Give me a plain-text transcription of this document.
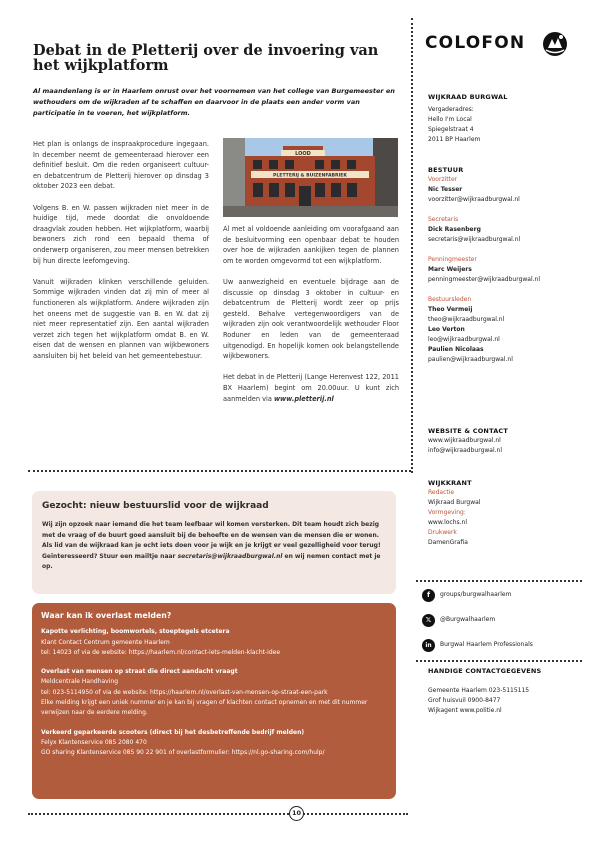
Debat in de Pletterij over de invoering van het wijkplatform

Al maandenlang is er in Haarlem onrust over het voornemen van het college van Burgemeester en wethouders om de wijkraden af te schaffen en daarvoor in de plaats een ander vorm van participatie in te voeren, het wijkplatform.

Het plan is onlangs de inspraakprocedure ingegaan. In december neemt de gemeenteraad hierover een definitief besluit. Om die reden organiseert cultuur- en debatcentrum de Pletterij hierover op dinsdag 3 oktober 2023 een debat.

Volgens B. en W. passen wijkraden niet meer in de huidige tijd, mede doordat die onvoldoende draagvlak zouden hebben. Het wijkplatform, waarbij bewoners zich rond een bepaald thema of onderwerp organiseren, zou meer mensen betrekken bij hun directe leefomgeving.

Vanuit wijkraden klinken verschillende geluiden. Sommige wijkraden vinden dat zij min of meer al functioneren als wijkplatform. Andere wijkraden zijn het oneens met de suggestie van B. en W. dat zij niet meer representatief zijn. Een aantal wijkraden verzet zich tegen het wijkplatform omdat B. en W. eisen dat de wensen en plannen van wijkbewoners aansluiten bij het beleid van het gemeentebestuur.

LOOD
PLETTERIJ & BUIZENFABRIEK

Al met al voldoende aanleiding om voorafgaand aan de besluitvorming een openbaar debat te houden over hoe de wijkraden aankijken tegen de plannen om te worden omgevormd tot een wijkplatform.

Uw aanwezigheid en eventuele bijdrage aan de discussie op dinsdag 3 oktober in cultuur- en debatcentrum de Pletterij wordt zeer op prijs gesteld. Behalve vertegenwoordigers van de wijkraden zijn ook verantwoordelijk wethouder Floor Roduner en leden van de gemeenteraad uitgenodigd. En hopelijk komen ook belangstellende wijkbewoners.

Het debat in de Pletterij (Lange Herenvest 122, 2011 BX Haarlem) begint om 20.00uur. U kunt zich aanmelden via www.pletterij.nl

Gezocht: nieuw bestuurslid voor de wijkraad
Wij zijn opzoek naar iemand die het team leefbaar wil komen versterken. Dit team houdt zich bezig met de vraag of de buurt goed aansluit bij de behoefte en de wensen van de mensen die er wonen. Als lid van de wijkraad kan je echt iets doen voor je wijk en je krijgt er veel gezelligheid voor terug! Geïnteresseerd? Stuur een mailtje naar secretaris@wijkraadburgwal.nl en wij nemen contact met je op.
Waar kan ik overlast melden?
Kapotte verlichting, boomwortels, stoeptegels etcetera
Klant Contact Centrum gemeente Haarlem
tel: 14023 of via de website: https://haarlem.nl/contact-iets-melden-klacht-idee
Overlast van mensen op straat die direct aandacht vraagt
Meldcentrale Handhaving
tel: 023-5114950 of via de website: https://haarlem.nl/overlast-van-mensen-op-straat-een-park
Elke melding krijgt een uniek nummer en je kan bij vragen of klachten contact opnemen en met dit nummer verwijzen naar de eerdere melding.
Verkeerd geparkeerde scooters (direct bij het desbetreffende bedrijf melden)
Felyx Klantenservice 085 2080 470
GO sharing Klantenservice 085 90 22 901 of overlastformulier: https://nl.go-sharing.com/hulp/
10
COLOFON
WIJKRAAD BURGWAL
Vergaderadres:
Hello I'm Local
Spiegelstraat 4
2011 BP Haarlem
BESTUUR
Voorzitter
Nic Tesser
voorzitter@wijkraadburgwal.nl
Secretaris
Dick Rasenberg
secretaris@wijkraadburgwal.nl
Penningmeester
Marc Weijers
penningmeester@wijkraadburgwal.nl
Bestuursleden
Theo Vermeij
theo@wijkraadburgwal.nl
Leo Verton
leo@wijkraadburgwal.nl
Paulien Nicolaas
paulien@wijkraadburgwal.nl
WEBSITE & CONTACT
www.wijkraadburgwal.nl
info@wijkraadburgwal.nl
WIJKKRANT
Redactie
Wijkraad Burgwal
Vormgeving:
www.lochs.nl
Drukwerk
DamenGrafia
f	groups/burgwalhaarlem
𝕏	@Burgwalhaarlem
in	Burgwal Haarlem Professionals
HANDIGE CONTACTGEGEVENS
Gemeente Haarlem 023-5115115
Grof huisvuil 0900-8477
Wijkagent www.politie.nl
